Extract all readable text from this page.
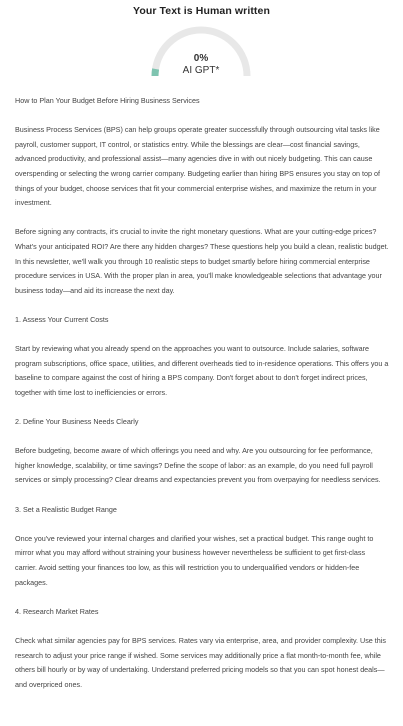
Your Text is Human written
0%
AI GPT*

How to Plan Your Budget Before Hiring Business Services

Business Process Services (BPS) can help groups operate greater successfully through outsourcing vital tasks like payroll, customer support, IT control, or statistics entry. While the blessings are clear—cost financial savings, advanced productivity, and professional assist—many agencies dive in with out nicely budgeting. This can cause overspending or selecting the wrong carrier company. Budgeting earlier than hiring BPS ensures you stay on top of things of your budget, choose services that fit your commercial enterprise wishes, and maximize the return in your investment.

Before signing any contracts, it's crucial to invite the right monetary questions. What are your cutting-edge prices? What's your anticipated ROI? Are there any hidden charges? These questions help you build a clean, realistic budget. In this newsletter, we'll walk you through 10 realistic steps to budget smartly before hiring commercial enterprise procedure services in USA. With the proper plan in area, you'll make knowledgeable selections that advantage your business today—and aid its increase the next day.

1. Assess Your Current Costs

Start by reviewing what you already spend on the approaches you want to outsource. Include salaries, software program subscriptions, office space, utilities, and different overheads tied to in-residence operations. This offers you a baseline to compare against the cost of hiring a BPS company. Don't forget about to don't forget indirect prices, together with time lost to inefficiencies or errors.

2. Define Your Business Needs Clearly

Before budgeting, become aware of which offerings you need and why. Are you outsourcing for fee performance, higher knowledge, scalability, or time savings? Define the scope of labor: as an example, do you need full payroll services or simply processing? Clear dreams and expectancies prevent you from overpaying for needless services.

3. Set a Realistic Budget Range

Once you've reviewed your internal charges and clarified your wishes, set a practical budget. This range ought to mirror what you may afford without straining your business however nevertheless be sufficient to get first-class carrier. Avoid setting your finances too low, as this will restriction you to underqualified vendors or hidden-fee packages.

4. Research Market Rates

Check what similar agencies pay for BPS services. Rates vary via enterprise, area, and provider complexity. Use this research to adjust your price range if wished. Some services may additionally price a flat month-to-month fee, while others bill hourly or by way of undertaking. Understand preferred pricing models so that you can spot honest deals—and overpriced ones.
